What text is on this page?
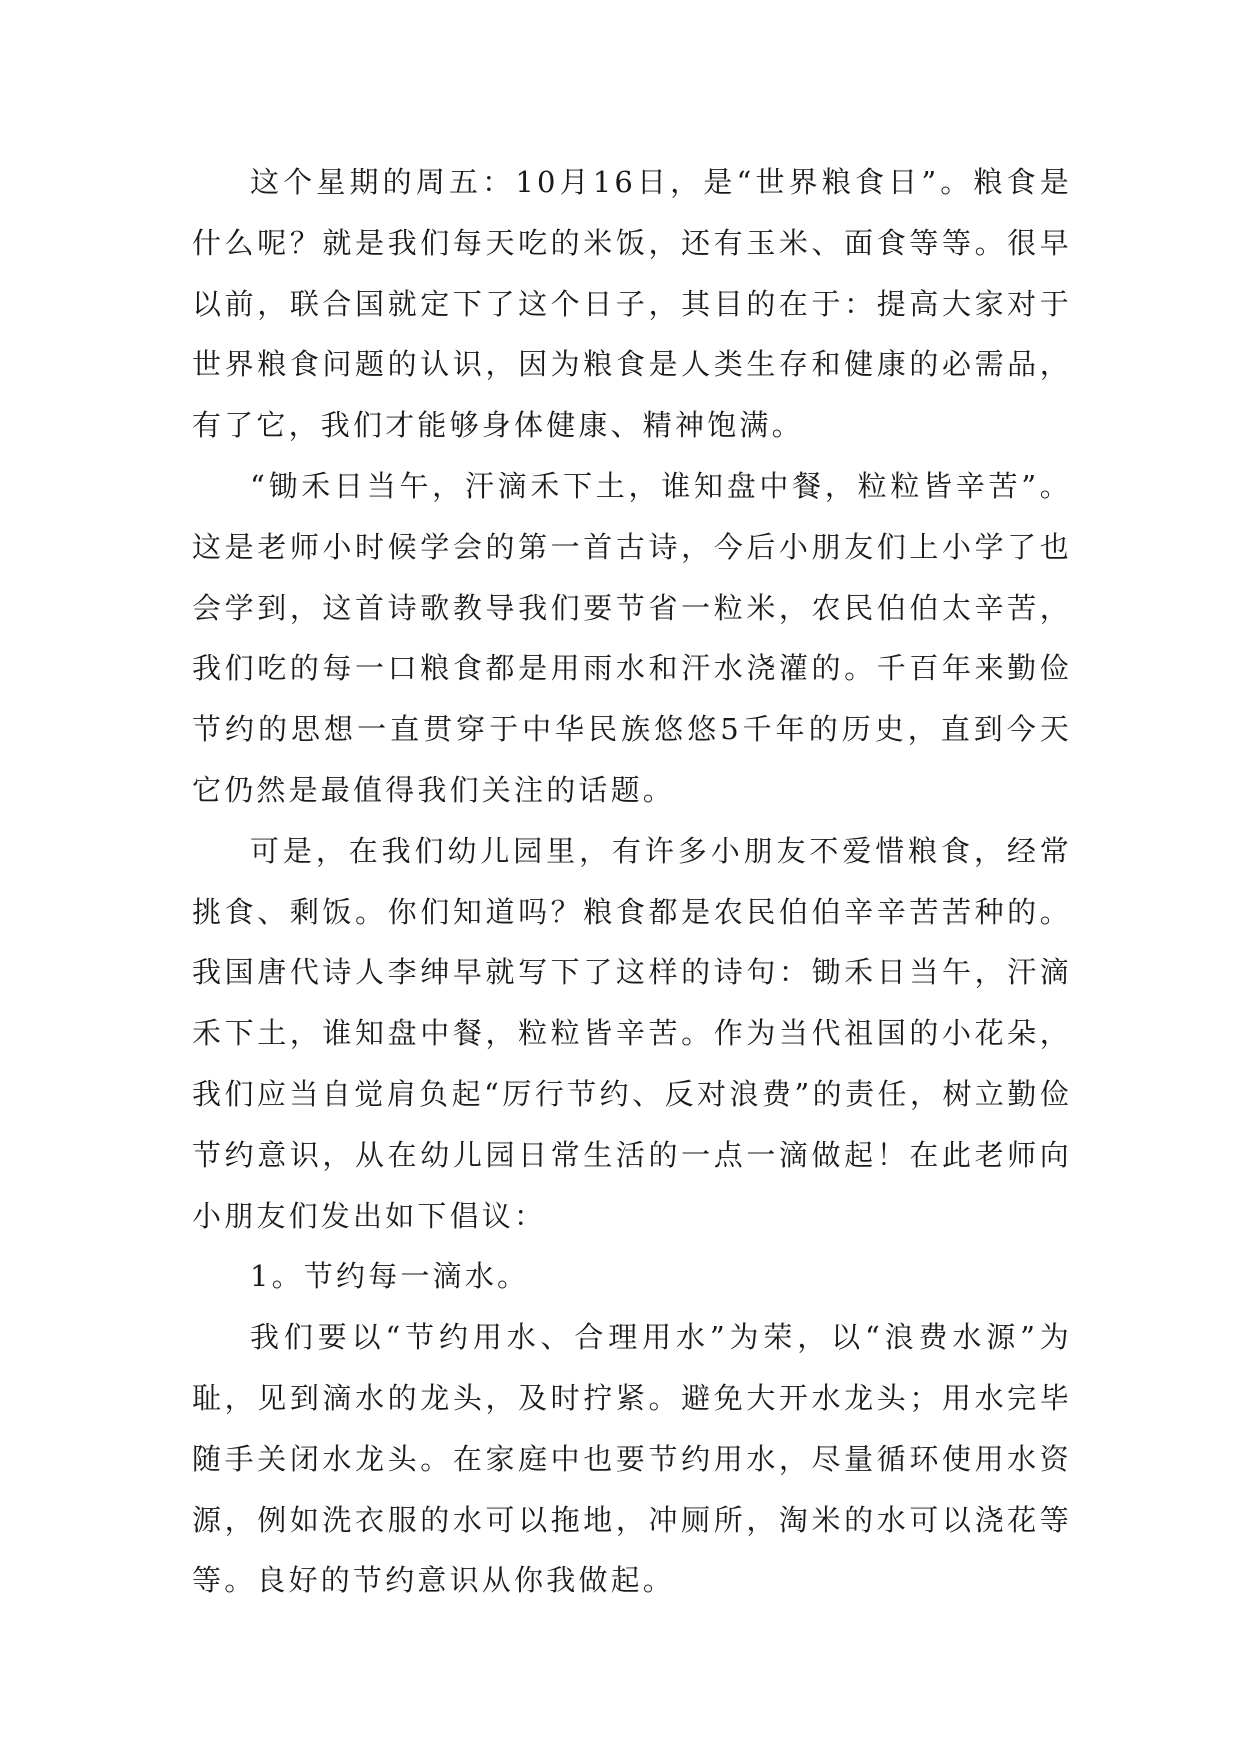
这个星期的周五：10月16日，是“世界粮食日”。粮食是什么呢？就是我们每天吃的米饭，还有玉米、面食等等。很早以前，联合国就定下了这个日子，其目的在于：提高大家对于世界粮食问题的认识，因为粮食是人类生存和健康的必需品，有了它，我们才能够身体健康、精神饱满。

“锄禾日当午，汗滴禾下土，谁知盘中餐，粒粒皆辛苦”。这是老师小时候学会的第一首古诗，今后小朋友们上小学了也会学到，这首诗歌教导我们要节省一粒米，农民伯伯太辛苦，我们吃的每一口粮食都是用雨水和汗水浇灌的。千百年来勤俭节约的思想一直贯穿于中华民族悠悠5千年的历史，直到今天它仍然是最值得我们关注的话题。

可是，在我们幼儿园里，有许多小朋友不爱惜粮食，经常挑食、剩饭。你们知道吗？粮食都是农民伯伯辛辛苦苦种的。我国唐代诗人李绅早就写下了这样的诗句：锄禾日当午，汗滴禾下土，谁知盘中餐，粒粒皆辛苦。作为当代祖国的小花朵，我们应当自觉肩负起“厉行节约、反对浪费”的责任，树立勤俭节约意识，从在幼儿园日常生活的一点一滴做起！在此老师向小朋友们发出如下倡议：

1。节约每一滴水。

我们要以“节约用水、合理用水”为荣，以“浪费水源”为耻，见到滴水的龙头，及时拧紧。避免大开水龙头；用水完毕随手关闭水龙头。在家庭中也要节约用水，尽量循环使用水资源，例如洗衣服的水可以拖地，冲厕所，淘米的水可以浇花等等。良好的节约意识从你我做起。
